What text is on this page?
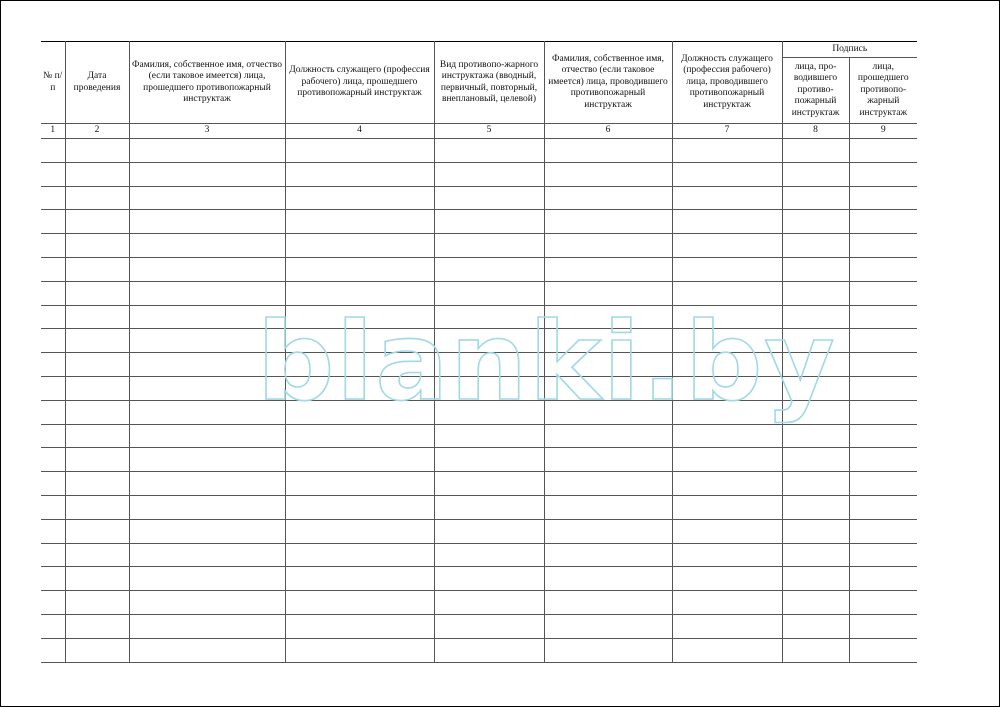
№ п/п	Дата проведения	Фамилия, собственное имя, отчество (если таковое имеется) лица, прошедшего противопожарный инструктаж	Должность служащего (профессия рабочего) лица, прошедшего противопожарный инструктаж	Вид противопо-жарного инструктажа (вводный, первичный, повторный, внеплановый, целевой)	Фамилия, собственное имя, отчество (если таковое имеется) лица, проводившего противопожарный инструктаж	Должность служащего (профессия рабочего) лица, проводившего противопожарный инструктаж	Подпись	
							лица, про-водившего противо-пожарный инструктаж	лица, прошедшего противопо-жарный инструктаж
1	2	3	4	5	6	7	8	9

blanki.by
